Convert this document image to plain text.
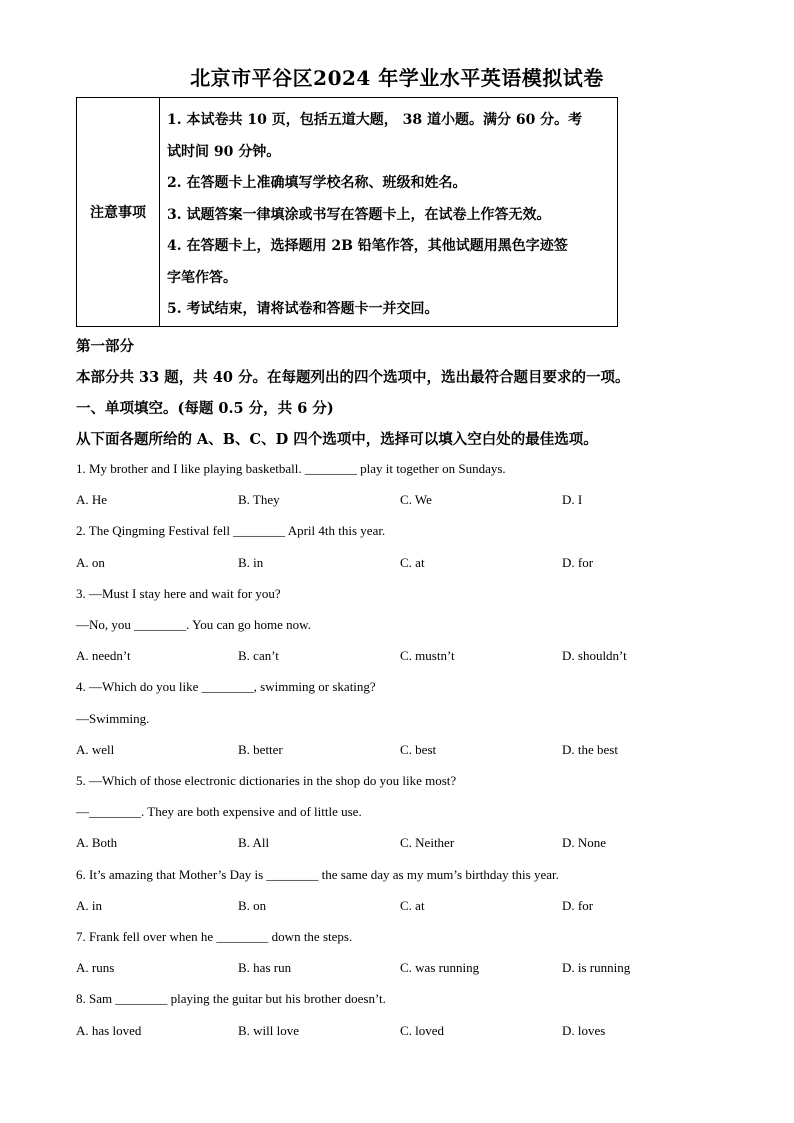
北京市平谷区2024 年学业水平英语模拟试卷
注意事项
1. 本试卷共 10 页，包括五道大题， 38 道小题。满分 60 分。考
试时间 90 分钟。
2. 在答题卡上准确填写学校名称、班级和姓名。
3. 试题答案一律填涂或书写在答题卡上，在试卷上作答无效。
4. 在答题卡上，选择题用 2B 铅笔作答，其他试题用黑色字迹签
字笔作答。
5. 考试结束，请将试卷和答题卡一并交回。
第一部分
本部分共 33 题，共 40 分。在每题列出的四个选项中，选出最符合题目要求的一项。
一、单项填空。(每题 0.5 分，共 6 分)
从下面各题所给的 A、B、C、D 四个选项中，选择可以填入空白处的最佳选项。
1. My brother and I like playing basketball. ________ play it together on Sundays.
A. He	B. They	C. We	D. I
2. The Qingming Festival fell ________ April 4th this year.
A. on	B. in	C. at	D. for
3. —Must I stay here and wait for you?
—No, you ________. You can go home now.
A. needn’t	B. can’t	C. mustn’t	D. shouldn’t
4. —Which do you like ________, swimming or skating?
—Swimming.
A. well	B. better	C. best	D. the best
5. —Which of those electronic dictionaries in the shop do you like most?
—________. They are both expensive and of little use.
A. Both	B. All	C. Neither	D. None
6. It’s amazing that Mother’s Day is ________ the same day as my mum’s birthday this year.
A. in	B. on	C. at	D. for
7. Frank fell over when he ________ down the steps.
A. runs	B. has run	C. was running	D. is running
8. Sam ________ playing the guitar but his brother doesn’t.
A. has loved	B. will love	C. loved	D. loves
